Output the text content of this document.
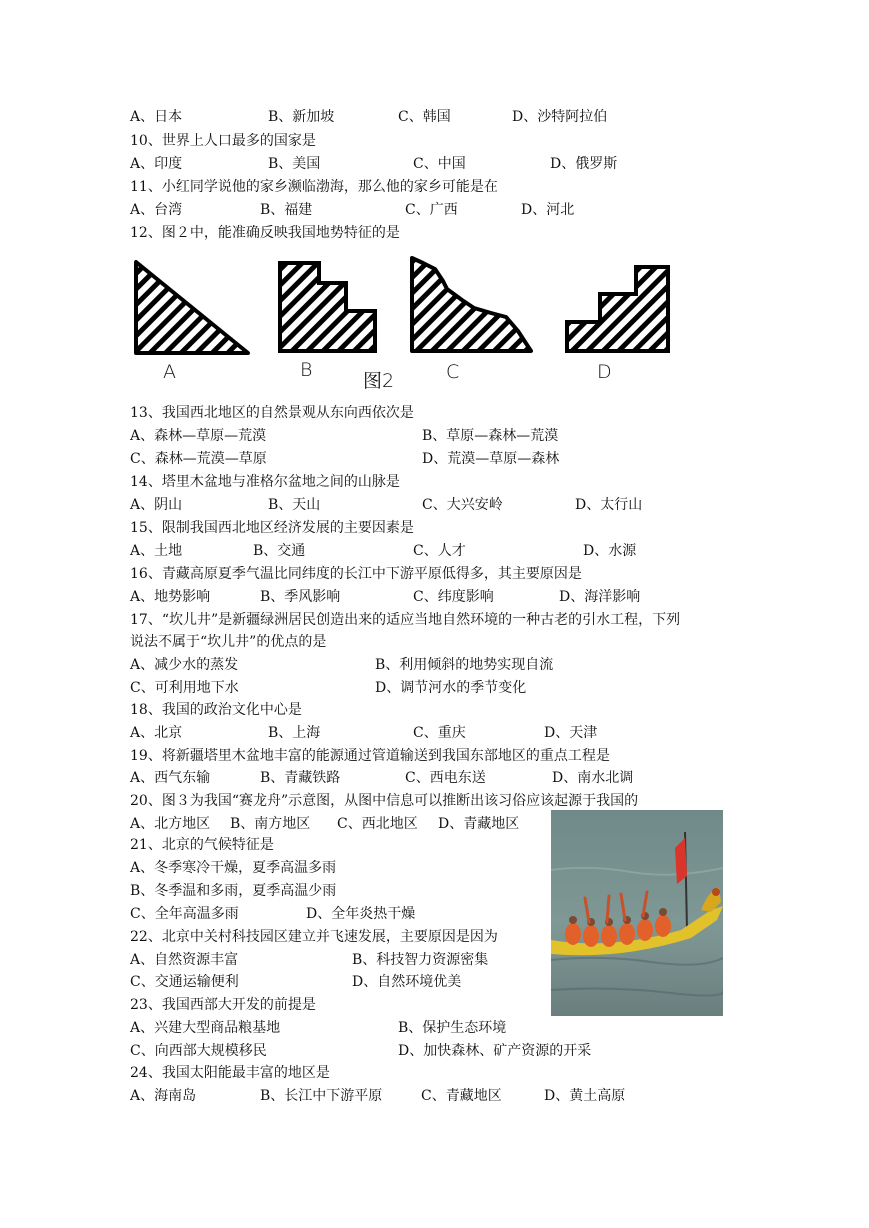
A、日本	B、新加坡	C、韩国	D、沙特阿拉伯
10、世界上人口最多的国家是
A、印度	B、美国	C、中国	D、俄罗斯
11、小红同学说他的家乡濒临渤海，那么他的家乡可能是在
A、台湾	B、福建	C、广西	D、河北
12、图２中，能准确反映我国地势特征的是
A	B	图2	C	D
13、我国西北地区的自然景观从东向西依次是
A、森林—草原—荒漠	B、草原—森林—荒漠
C、森林—荒漠—草原	D、荒漠—草原—森林
14、塔里木盆地与准格尔盆地之间的山脉是
A、阴山	B、天山	C、大兴安岭	D、太行山
15、限制我国西北地区经济发展的主要因素是
A、土地	B、交通	C、人才	D、水源
16、青藏高原夏季气温比同纬度的长江中下游平原低得多，其主要原因是
A、地势影响	B、季风影响	C、纬度影响	D、海洋影响
17、“坎儿井”是新疆绿洲居民创造出来的适应当地自然环境的一种古老的引水工程，下列
说法不属于“坎儿井”的优点的是
A、减少水的蒸发	B、利用倾斜的地势实现自流
C、可利用地下水	D、调节河水的季节变化
18、我国的政治文化中心是
A、北京	B、上海	C、重庆	D、天津
19、将新疆塔里木盆地丰富的能源通过管道输送到我国东部地区的重点工程是
A、西气东输	B、青藏铁路	C、西电东送	D、南水北调
20、图３为我国“赛龙舟”示意图，从图中信息可以推断出该习俗应该起源于我国的
A、北方地区 B、南方地区 C、西北地区 D、青藏地区
21、北京的气候特征是
A、冬季寒冷干燥，夏季高温多雨
B、冬季温和多雨，夏季高温少雨
C、全年高温多雨	D、全年炎热干燥
22、北京中关村科技园区建立并飞速发展，主要原因是因为
A、自然资源丰富	B、科技智力资源密集
C、交通运输便利	D、自然环境优美
23、我国西部大开发的前提是
A、兴建大型商品粮基地	B、保护生态环境
C、向西部大规模移民	D、加快森林、矿产资源的开采
24、我国太阳能最丰富的地区是
A、海南岛	B、长江中下游平原	C、青藏地区	D、黄土高原
